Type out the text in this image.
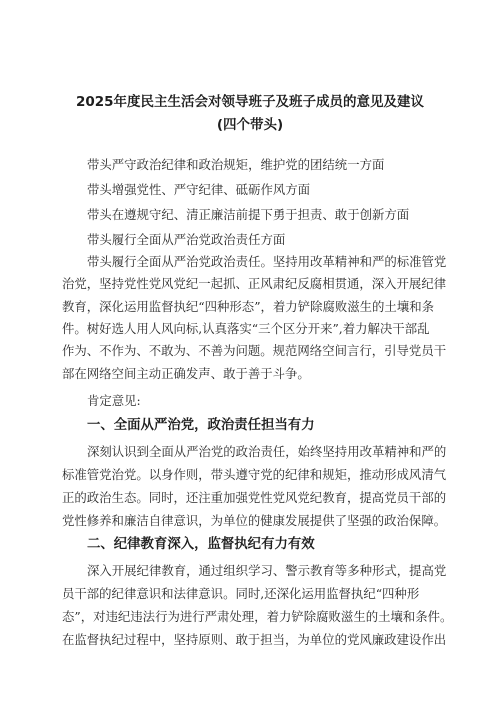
2025年度民主生活会对领导班子及班子成员的意见及建议
(四个带头)

带头严守政治纪律和政治规矩，维护党的团结统一方面

带头增强党性、严守纪律、砥砺作风方面

带头在遵规守纪、清正廉洁前提下勇于担责、敢于创新方面

带头履行全面从严治党政治责任方面

带头履行全面从严治党政治责任。坚持用改革精神和严的标准管党

治党，坚持党性党风党纪一起抓、正风肃纪反腐相贯通，深入开展纪律

教育，深化运用监督执纪“四种形态”，着力铲除腐败滋生的土壤和条

件。树好选人用人风向标,认真落实“三个区分开来”,着力解决干部乱

作为、不作为、不敢为、不善为问题。规范网络空间言行，引导党员干

部在网络空间主动正确发声、敢于善于斗争。

肯定意见:

一、全面从严治党，政治责任担当有力

深刻认识到全面从严治党的政治责任，始终坚持用改革精神和严的

标准管党治党。以身作则，带头遵守党的纪律和规矩，推动形成风清气

正的政治生态。同时，还注重加强党性党风党纪教育，提高党员干部的

党性修养和廉洁自律意识，为单位的健康发展提供了坚强的政治保障。

二、纪律教育深入，监督执纪有力有效

深入开展纪律教育，通过组织学习、警示教育等多种形式，提高党

员干部的纪律意识和法律意识。同时,还深化运用监督执纪“四种形

态”，对违纪违法行为进行严肃处理，着力铲除腐败滋生的土壤和条件。

在监督执纪过程中，坚持原则、敢于担当，为单位的党风廉政建设作出
